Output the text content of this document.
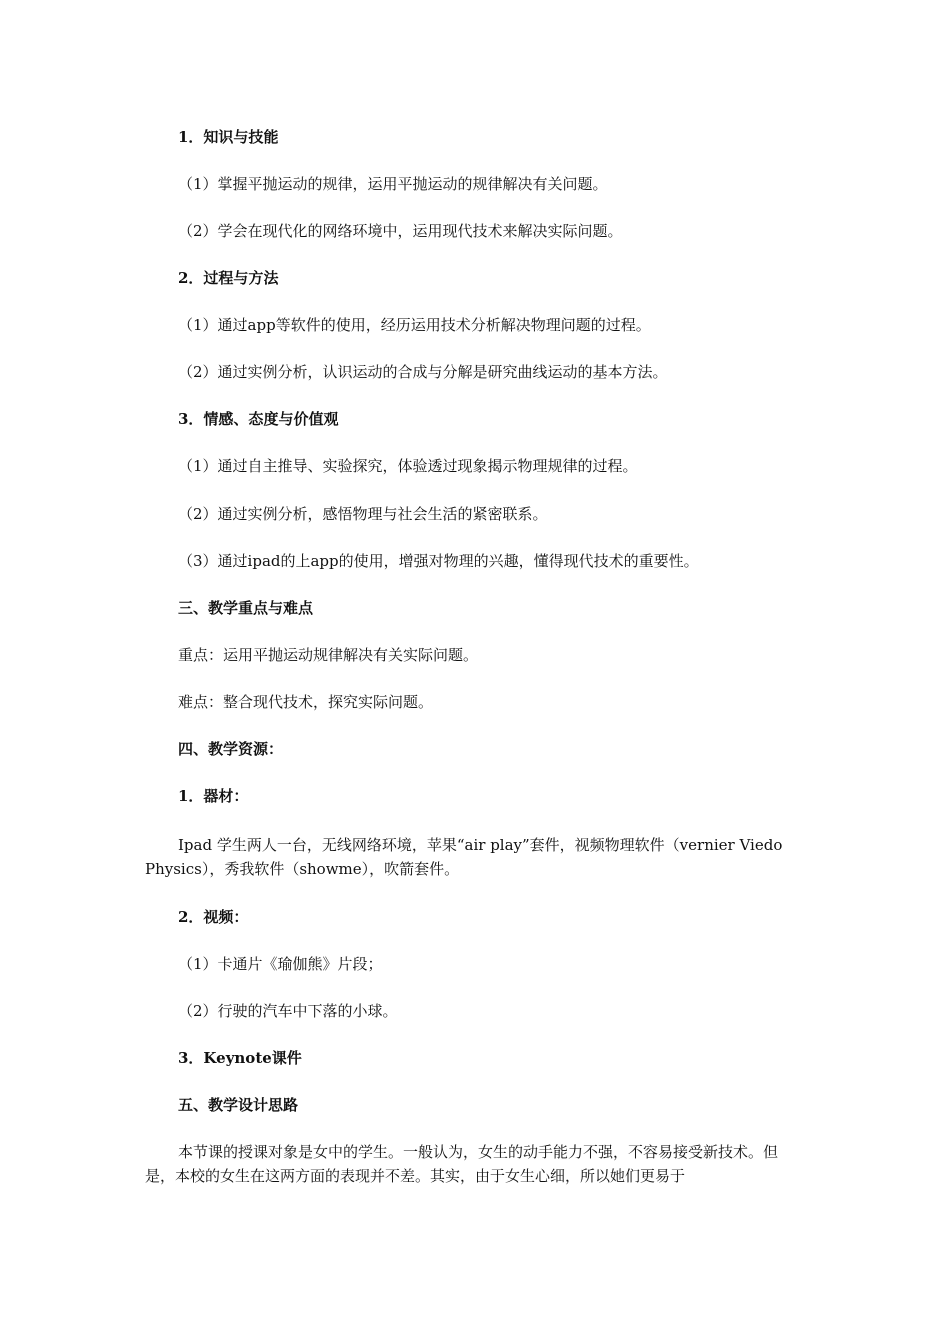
1．知识与技能

（1）掌握平抛运动的规律，运用平抛运动的规律解决有关问题。

（2）学会在现代化的网络环境中，运用现代技术来解决实际问题。

2．过程与方法

（1）通过app等软件的使用，经历运用技术分析解决物理问题的过程。

（2）通过实例分析，认识运动的合成与分解是研究曲线运动的基本方法。

3．情感、态度与价值观

（1）通过自主推导、实验探究，体验透过现象揭示物理规律的过程。

（2）通过实例分析，感悟物理与社会生活的紧密联系。

（3）通过ipad的上app的使用，增强对物理的兴趣，懂得现代技术的重要性。

三、教学重点与难点

重点：运用平抛运动规律解决有关实际问题。

难点：整合现代技术，探究实际问题。

四、教学资源：

1．器材：

Ipad 学生两人一台，无线网络环境，苹果“air play”套件，视频物理软件（vernier Viedo Physics），秀我软件（showme），吹箭套件。

2．视频：

（1）卡通片《瑜伽熊》片段；

（2）行驶的汽车中下落的小球。

3．Keynote课件

五、教学设计思路

本节课的授课对象是女中的学生。一般认为，女生的动手能力不强，不容易接受新技术。但是，本校的女生在这两方面的表现并不差。其实，由于女生心细，所以她们更易于
